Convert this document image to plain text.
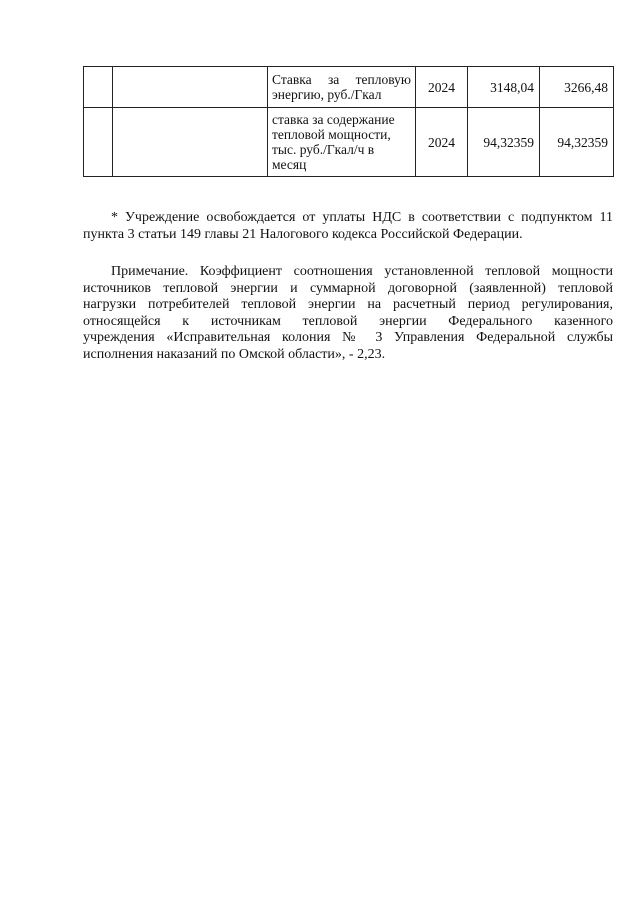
		Ставка за тепловую
энергию, руб./Гкал	2024	3148,04	3266,48

		ставка за содержание
тепловой мощности,
тыс. руб./Гкал/ч в
месяц	2024	94,32359	94,32359

* Учреждение освобождается от уплаты НДС в соответствии с подпунктом 11
пункта 3 статьи 149 главы 21 Налогового кодекса Российской Федерации.

Примечание. Коэффициент соотношения установленной тепловой мощности
источников тепловой энергии и суммарной договорной (заявленной) тепловой
нагрузки потребителей тепловой энергии на расчетный период регулирования,
относящейся к источникам тепловой энергии Федерального казенного
учреждения «Исправительная колония № 3 Управления Федеральной службы
исполнения наказаний по Омской области», - 2,23.
